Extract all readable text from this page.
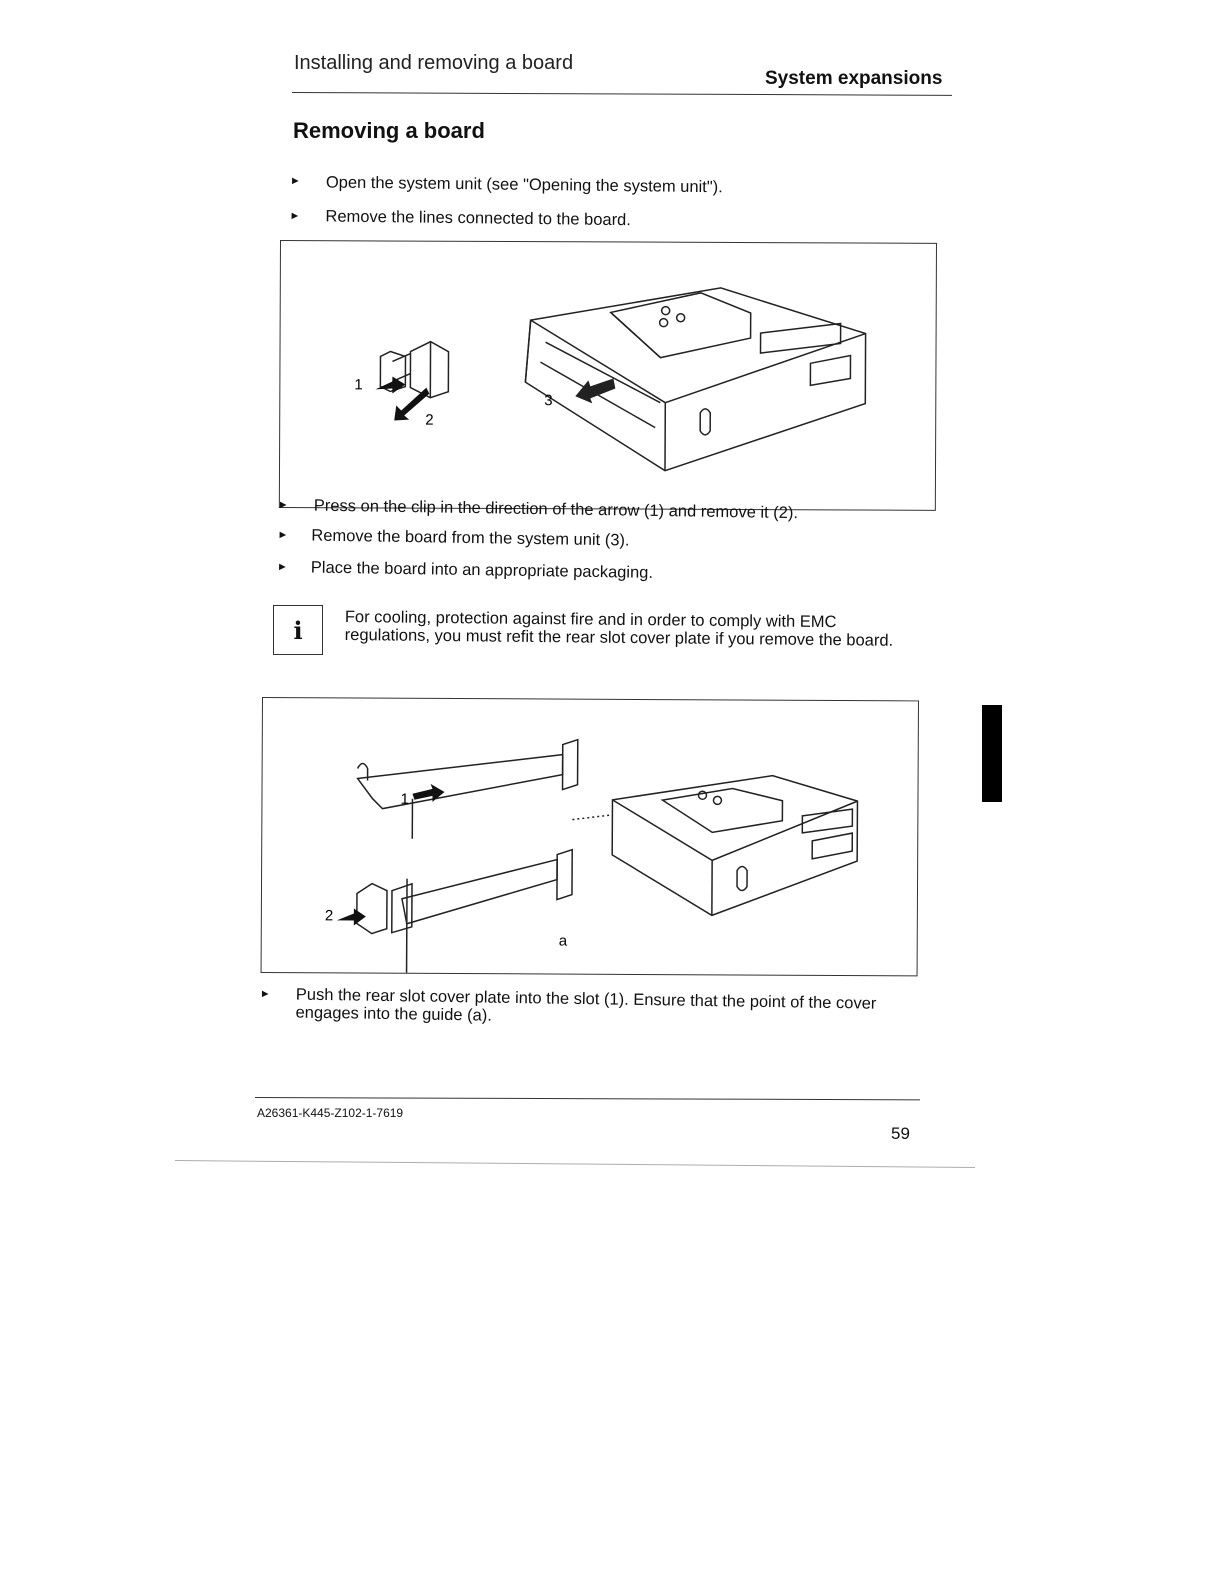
Installing and removing a board
System expansions
Removing a board
► Open the system unit (see "Opening the system unit").
► Remove the lines connected to the board.
1
2
3
► Press on the clip in the direction of the arrow (1) and remove it (2).
► Remove the board from the system unit (3).
► Place the board into an appropriate packaging.
i	For cooling, protection against fire and in order to comply with EMC regulations, you must refit the rear slot cover plate if you remove the board.
1
2
a
► Push the rear slot cover plate into the slot (1). Ensure that the point of the cover engages into the guide (a).
A26361-K445-Z102-1-7619
59
